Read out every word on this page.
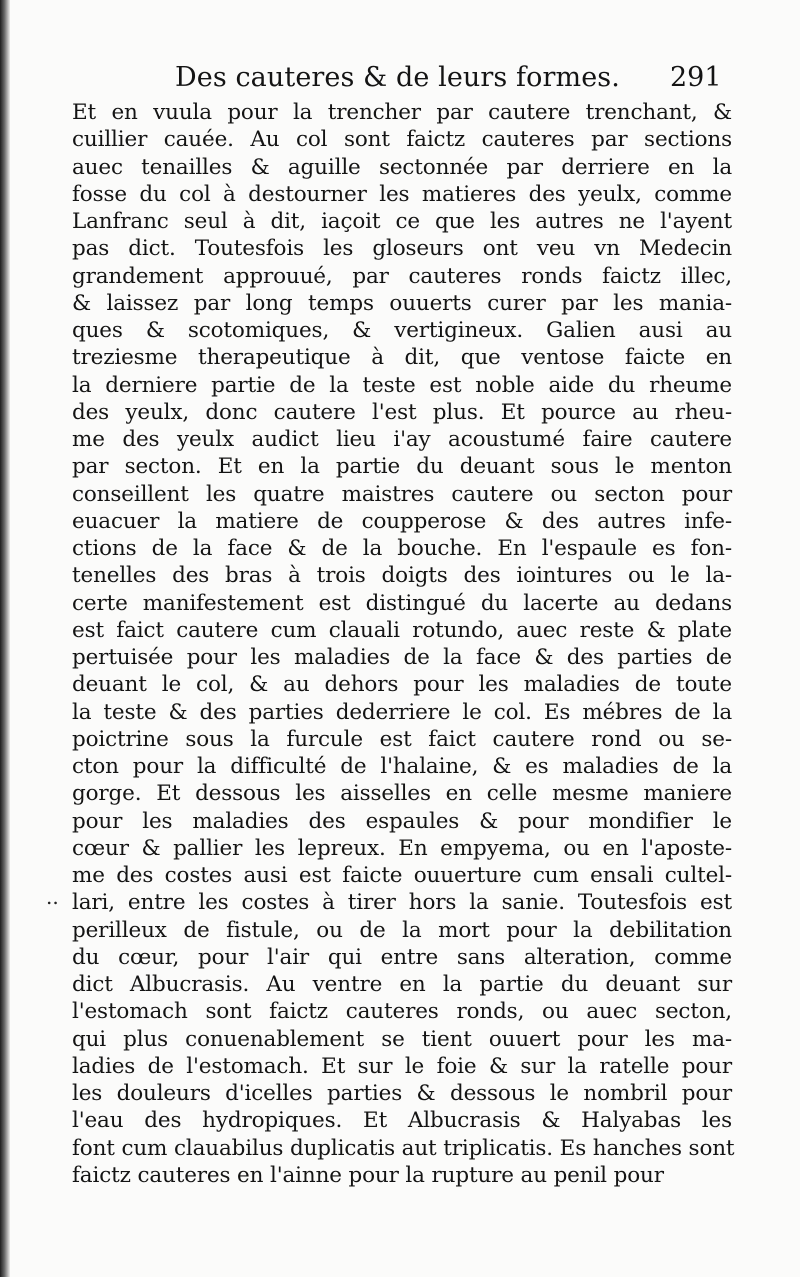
Des cauteres & de leurs formes. 291
..
Et en vuula pour la trencher par cautere trenchant, &
cuillier cauée. Au col sont faictz cauteres par sections
auec tenailles & aguille sectonnée par derriere en la
fosse du col à destourner les matieres des yeulx, comme
Lanfranc seul à dit, iaçoit ce que les autres ne l'ayent
pas dict. Toutesfois les gloseurs ont veu vn Medecin
grandement approuué, par cauteres ronds faictz illec,
& laissez par long temps ouuerts curer par les mania-
ques & scotomiques, & vertigineux. Galien ausi au
treziesme therapeutique à dit, que ventose faicte en
la derniere partie de la teste est noble aide du rheume
des yeulx, donc cautere l'est plus. Et pource au rheu-
me des yeulx audict lieu i'ay acoustumé faire cautere
par secton. Et en la partie du deuant sous le menton
conseillent les quatre maistres cautere ou secton pour
euacuer la matiere de coupperose & des autres infe-
ctions de la face & de la bouche. En l'espaule es fon-
tenelles des bras à trois doigts des iointures ou le la-
certe manifestement est distingué du lacerte au dedans
est faict cautere cum clauali rotundo, auec reste & plate
pertuisée pour les maladies de la face & des parties de
deuant le col, & au dehors pour les maladies de toute
la teste & des parties dederriere le col. Es mébres de la
poictrine sous la furcule est faict cautere rond ou se-
cton pour la difficulté de l'halaine, & es maladies de la
gorge. Et dessous les aisselles en celle mesme maniere
pour les maladies des espaules & pour mondifier le
cœur & pallier les lepreux. En empyema, ou en l'aposte-
me des costes ausi est faicte ouuerture cum ensali cultel-
lari, entre les costes à tirer hors la sanie. Toutesfois est
perilleux de fistule, ou de la mort pour la debilitation
du cœur, pour l'air qui entre sans alteration, comme
dict Albucrasis. Au ventre en la partie du deuant sur
l'estomach sont faictz cauteres ronds, ou auec secton,
qui plus conuenablement se tient ouuert pour les ma-
ladies de l'estomach. Et sur le foie & sur la ratelle pour
les douleurs d'icelles parties & dessous le nombril pour
l'eau des hydropiques. Et Albucrasis & Halyabas les
font cum clauabilus duplicatis aut triplicatis. Es hanches sont
faictz cauteres en l'ainne pour la rupture au penil pour
